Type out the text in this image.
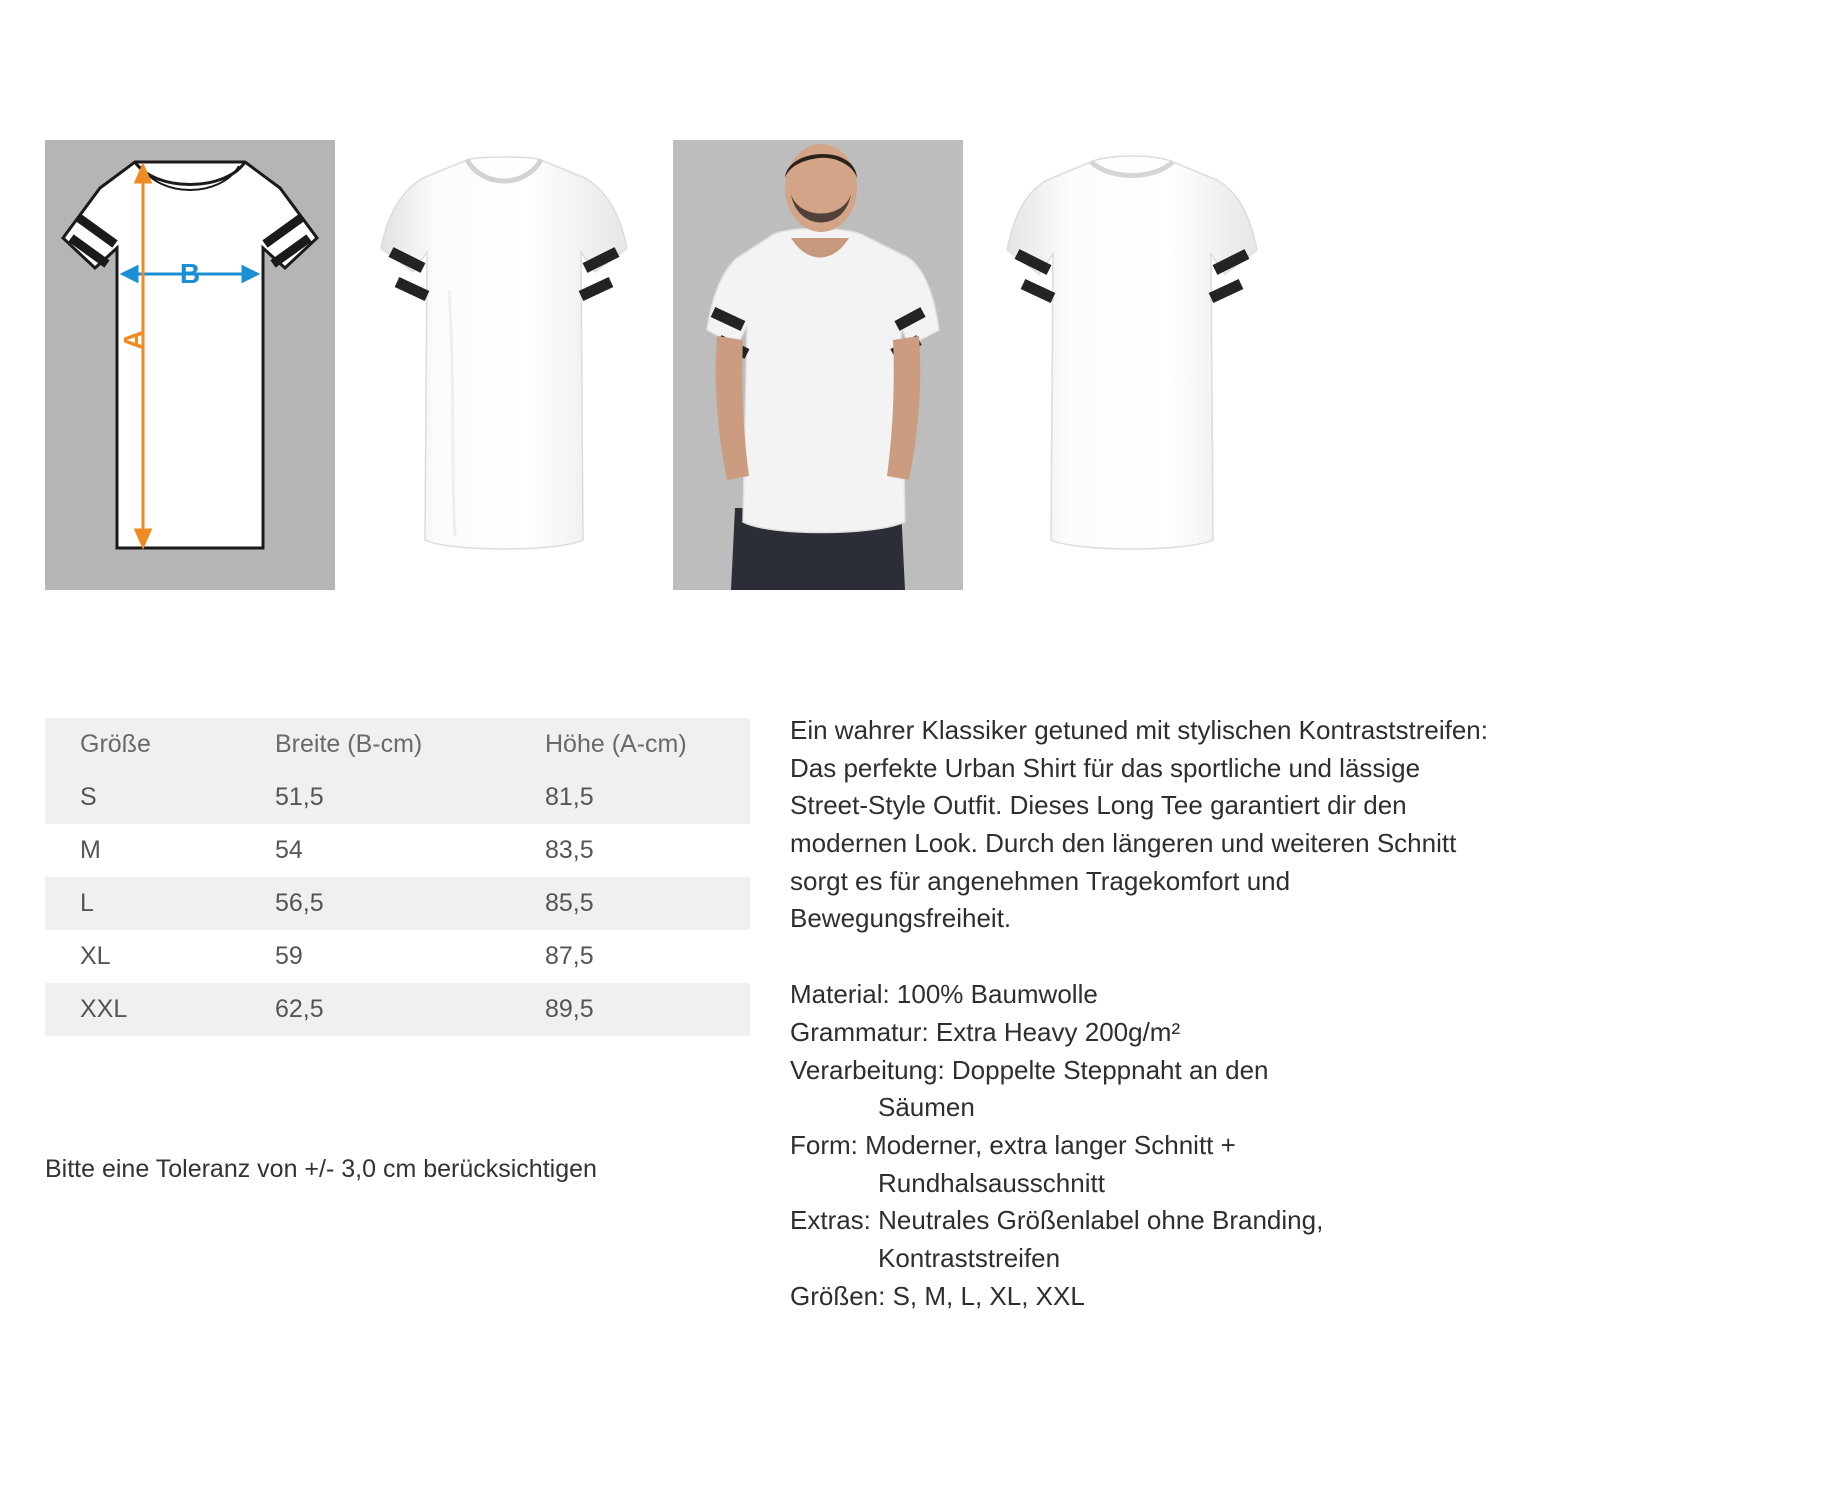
B
A
Größe	Breite (B-cm)	Höhe (A-cm)
S	51,5	81,5
M	54	83,5
L	56,5	85,5
XL	59	87,5
XXL	62,5	89,5
Bitte eine Toleranz von +/- 3,0 cm berücksichtigen

Ein wahrer Klassiker getuned mit stylischen Kontraststreifen: Das perfekte Urban Shirt für das sportliche und lässige Street-Style Outfit. Dieses Long Tee garantiert dir den modernen Look. Durch den längeren und weiteren Schnitt sorgt es für angenehmen Tragekomfort und Bewegungsfreiheit.

Material: 100% Baumwolle

Grammatur: Extra Heavy 200g/m²

Verarbeitung: Doppelte Steppnaht an den

Säumen

Form: Moderner, extra langer Schnitt +

Rundhalsausschnitt

Extras: Neutrales Größenlabel ohne Branding,

Kontraststreifen

Größen: S, M, L, XL, XXL
